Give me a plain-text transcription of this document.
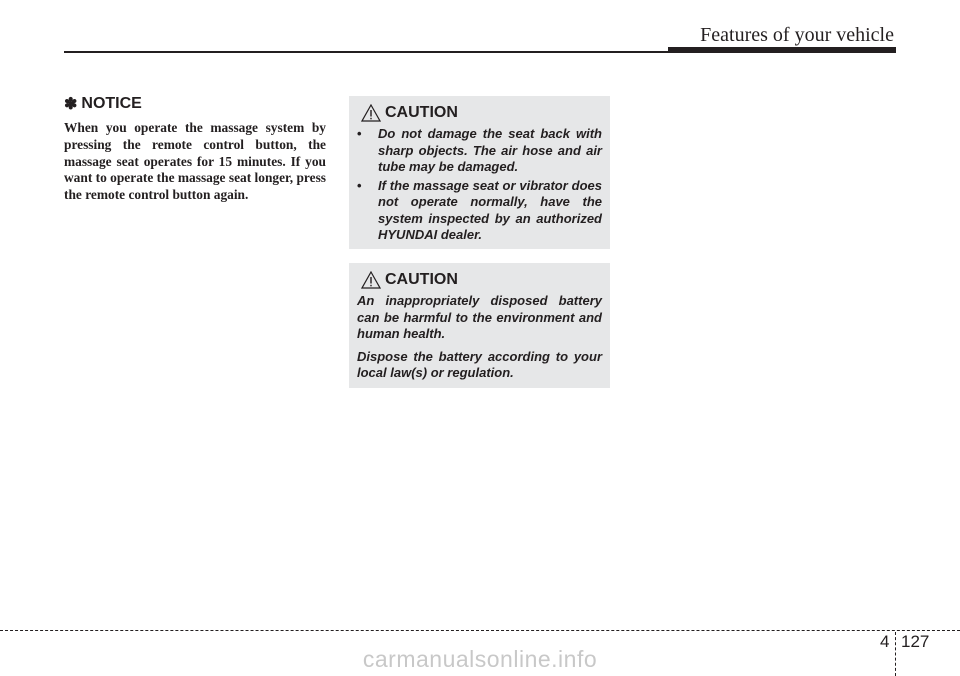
Features of your vehicle
✽ NOTICE
When you operate the massage system by pressing the remote control button, the massage seat operates for 15 minutes. If you want to operate the massage seat longer, press the remote control button again.
CAUTION
• Do not damage the seat back with sharp objects. The air hose and air tube may be damaged.
• If the massage seat or vibrator does not operate normally, have the system inspected by an authorized HYUNDAI dealer.
CAUTION

An inappropriately disposed battery can be harmful to the environment and human health.

Dispose the battery according to your local law(s) or regulation.

4 127
carmanualsonline.info
